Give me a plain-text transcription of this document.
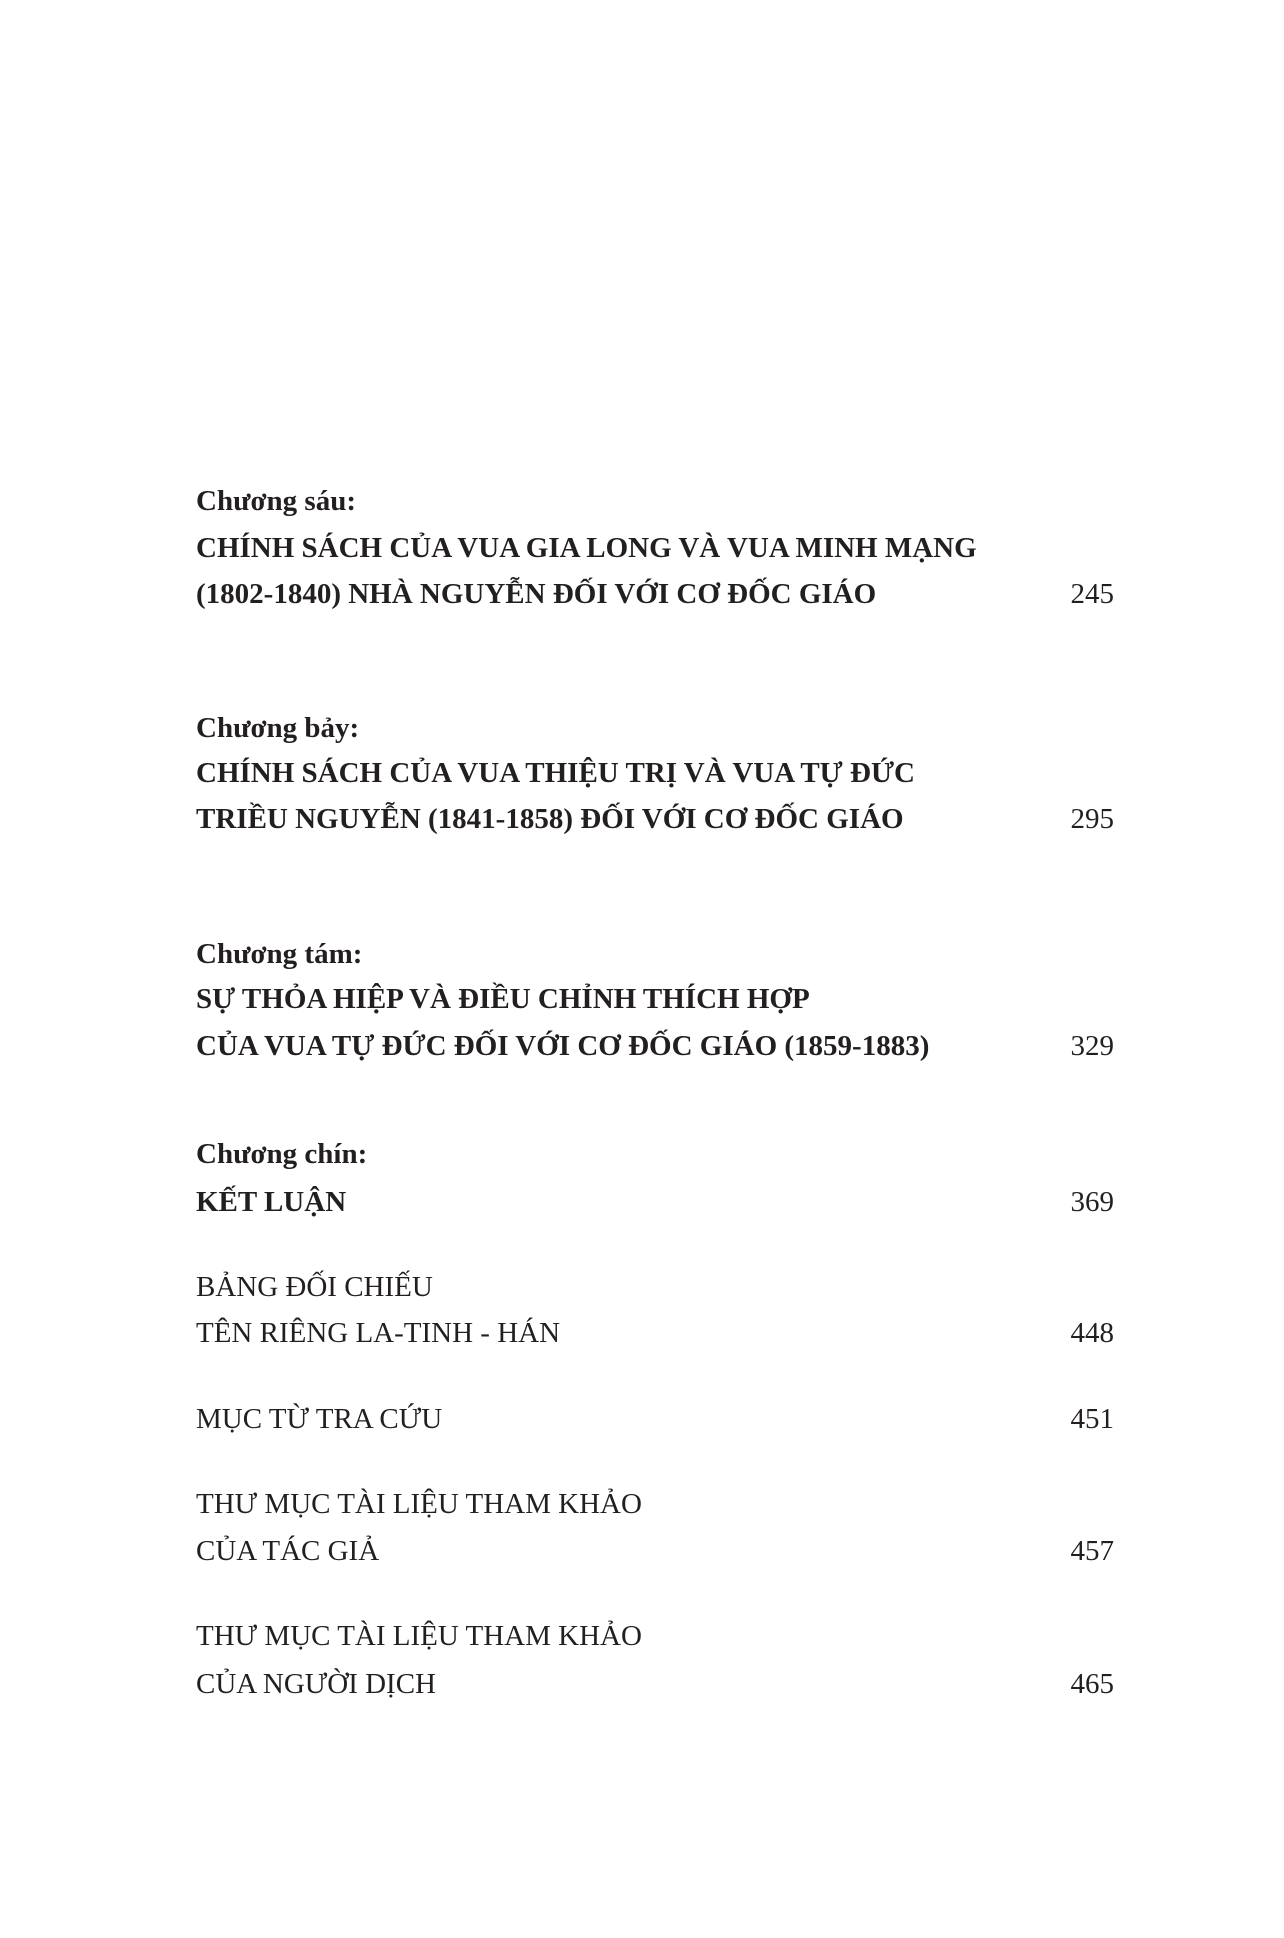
Chương sáu:
CHÍNH SÁCH CỦA VUA GIA LONG VÀ VUA MINH MẠNG
(1802-1840) NHÀ NGUYỄN ĐỐI VỚI CƠ ĐỐC GIÁO	245
Chương bảy:
CHÍNH SÁCH CỦA VUA THIỆU TRỊ VÀ VUA TỰ ĐỨC
TRIỀU NGUYỄN (1841-1858) ĐỐI VỚI CƠ ĐỐC GIÁO	295
Chương tám:
SỰ THỎA HIỆP VÀ ĐIỀU CHỈNH THÍCH HỢP
CỦA VUA TỰ ĐỨC ĐỐI VỚI CƠ ĐỐC GIÁO (1859-1883)	329
Chương chín:
KẾT LUẬN	369
BẢNG ĐỐI CHIẾU
TÊN RIÊNG LA-TINH - HÁN	448
MỤC TỪ TRA CỨU	451
THƯ MỤC TÀI LIỆU THAM KHẢO
CỦA TÁC GIẢ	457
THƯ MỤC TÀI LIỆU THAM KHẢO
CỦA NGƯỜI DỊCH	465
